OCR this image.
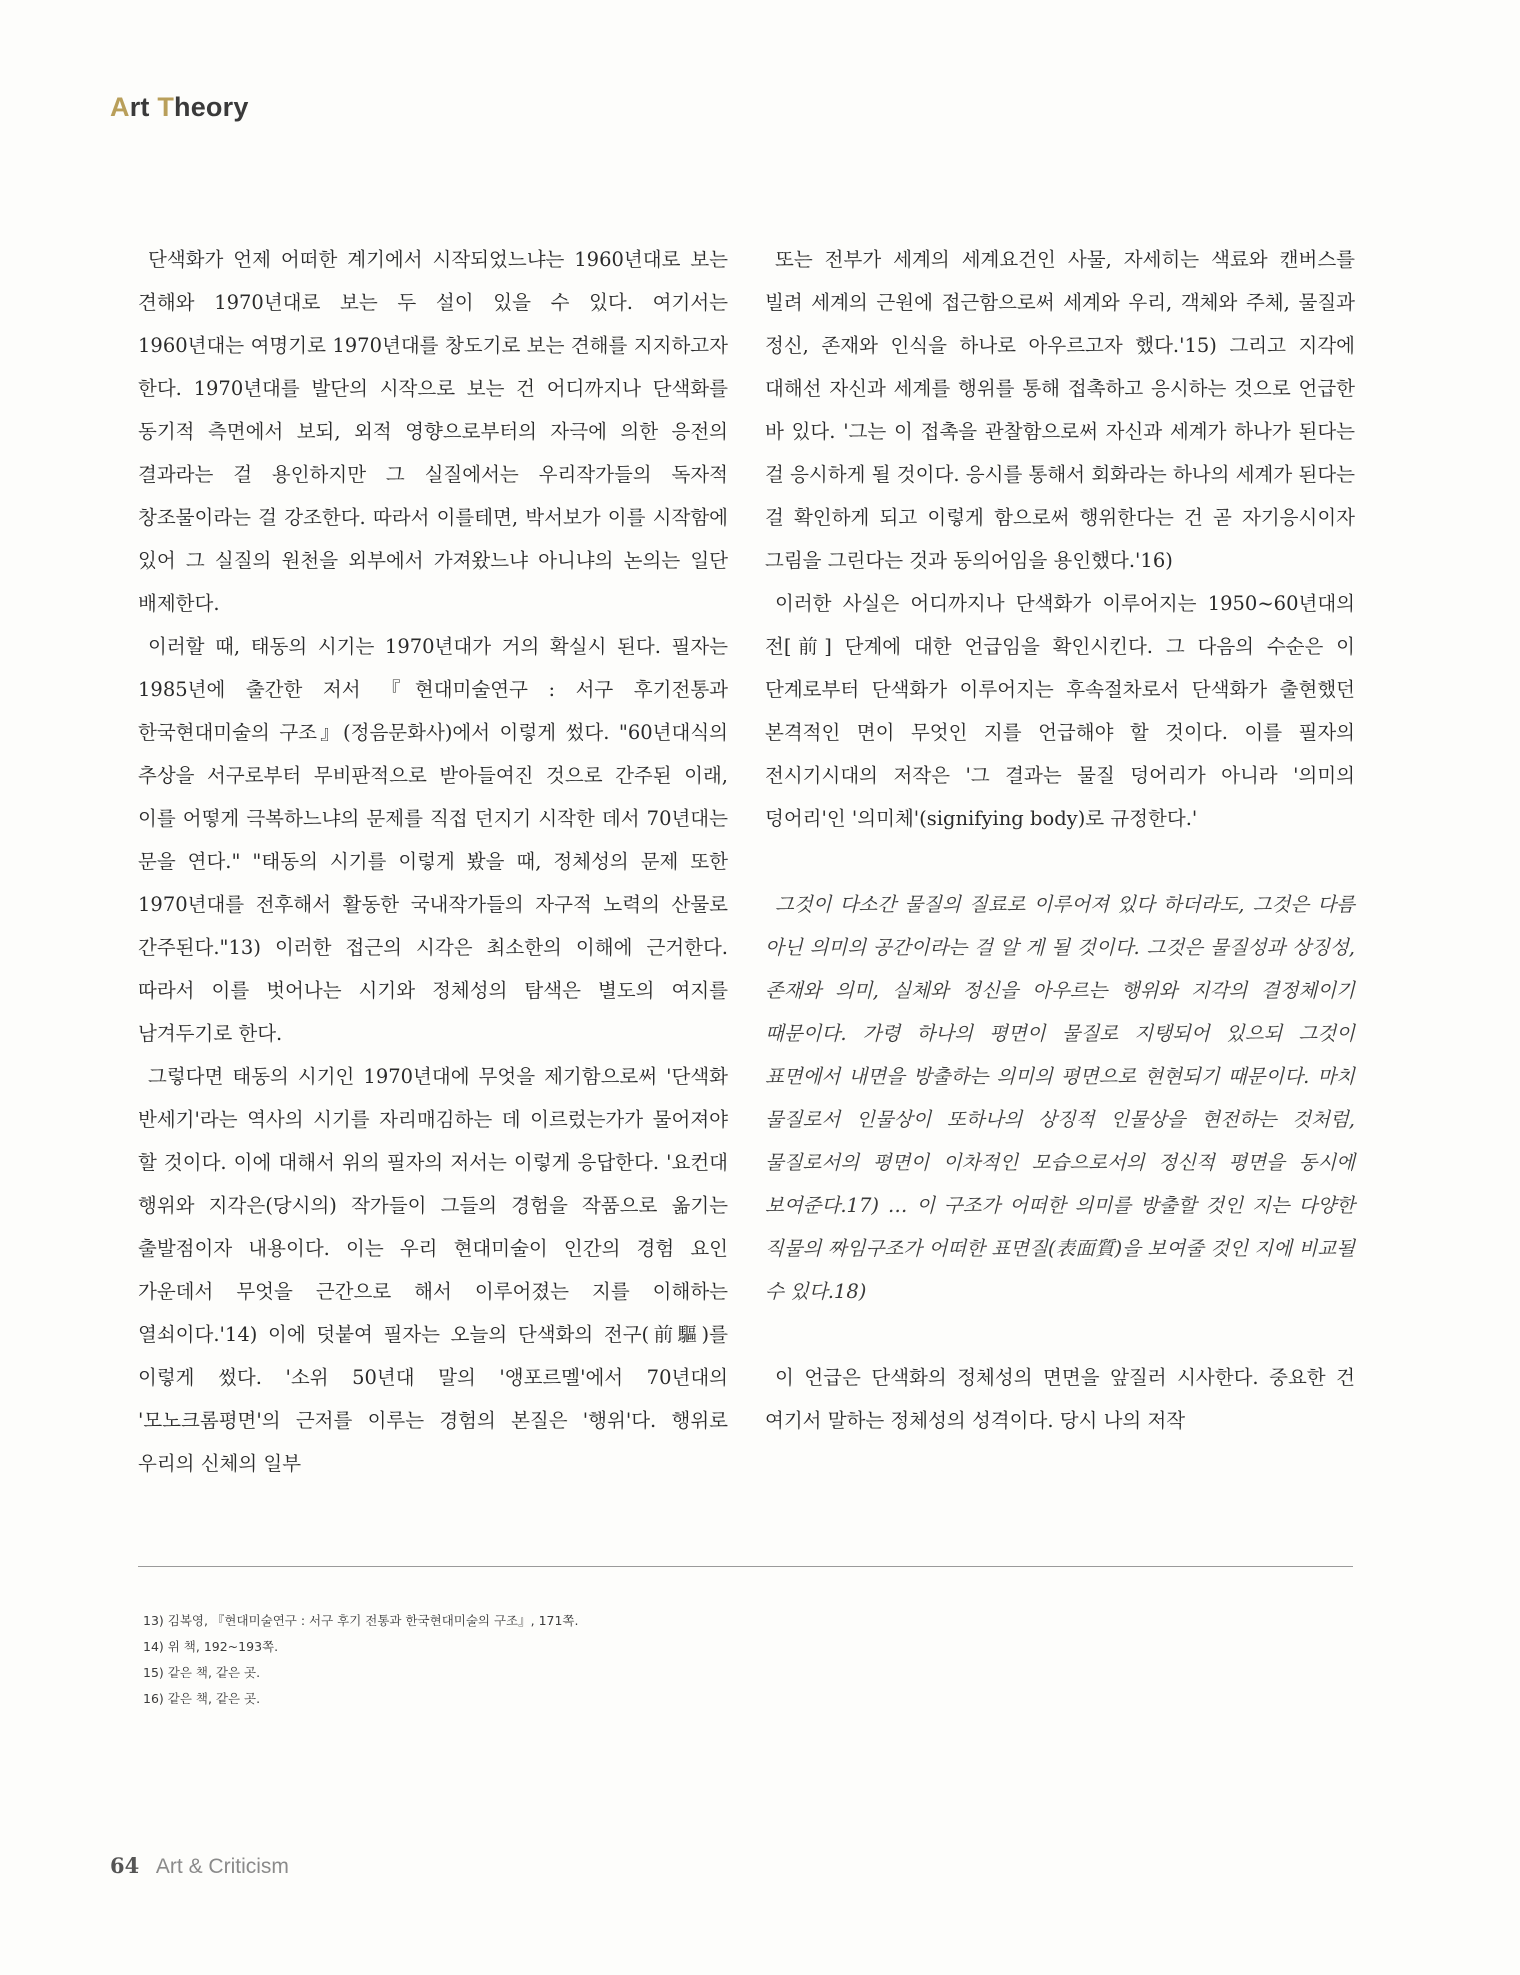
Art Theory

단색화가 언제 어떠한 계기에서 시작되었느냐는 1960년대로 보는 견해와 1970년대로 보는 두 설이 있을 수 있다. 여기서는 1960년대는 여명기로 1970년대를 창도기로 보는 견해를 지지하고자 한다. 1970년대를 발단의 시작으로 보는 건 어디까지나 단색화를 동기적 측면에서 보되, 외적 영향으로부터의 자극에 의한 응전의 결과라는 걸 용인하지만 그 실질에서는 우리작가들의 독자적 창조물이라는 걸 강조한다. 따라서 이를테면, 박서보가 이를 시작함에 있어 그 실질의 원천을 외부에서 가져왔느냐 아니냐의 논의는 일단 배제한다.

이러할 때, 태동의 시기는 1970년대가 거의 확실시 된다. 필자는 1985년에 출간한 저서 『현대미술연구 : 서구 후기전통과 한국현대미술의 구조』(정음문화사)에서 이렇게 썼다. "60년대식의 추상을 서구로부터 무비판적으로 받아들여진 것으로 간주된 이래, 이를 어떻게 극복하느냐의 문제를 직접 던지기 시작한 데서 70년대는 문을 연다." "태동의 시기를 이렇게 봤을 때, 정체성의 문제 또한 1970년대를 전후해서 활동한 국내작가들의 자구적 노력의 산물로 간주된다."13) 이러한 접근의 시각은 최소한의 이해에 근거한다. 따라서 이를 벗어나는 시기와 정체성의 탐색은 별도의 여지를 남겨두기로 한다.

그렇다면 태동의 시기인 1970년대에 무엇을 제기함으로써 '단색화 반세기'라는 역사의 시기를 자리매김하는 데 이르렀는가가 물어져야 할 것이다. 이에 대해서 위의 필자의 저서는 이렇게 응답한다. '요컨대 행위와 지각은(당시의) 작가들이 그들의 경험을 작품으로 옮기는 출발점이자 내용이다. 이는 우리 현대미술이 인간의 경험 요인 가운데서 무엇을 근간으로 해서 이루어졌는 지를 이해하는 열쇠이다.'14) 이에 덧붙여 필자는 오늘의 단색화의 전구(前驅)를 이렇게 썼다. '소위 50년대 말의 '앵포르멜'에서 70년대의 '모노크롬평면'의 근저를 이루는 경험의 본질은 '행위'다. 행위로 우리의 신체의 일부

또는 전부가 세계의 세계요건인 사물, 자세히는 색료와 캔버스를 빌려 세계의 근원에 접근함으로써 세계와 우리, 객체와 주체, 물질과 정신, 존재와 인식을 하나로 아우르고자 했다.'15) 그리고 지각에 대해선 자신과 세계를 행위를 통해 접촉하고 응시하는 것으로 언급한 바 있다. '그는 이 접촉을 관찰함으로써 자신과 세계가 하나가 된다는 걸 응시하게 될 것이다. 응시를 통해서 회화라는 하나의 세계가 된다는 걸 확인하게 되고 이렇게 함으로써 행위한다는 건 곧 자기응시이자 그림을 그린다는 것과 동의어임을 용인했다.'16)

이러한 사실은 어디까지나 단색화가 이루어지는 1950~60년대의 전[前] 단계에 대한 언급임을 확인시킨다. 그 다음의 수순은 이 단계로부터 단색화가 이루어지는 후속절차로서 단색화가 출현했던 본격적인 면이 무엇인 지를 언급해야 할 것이다. 이를 필자의 전시기시대의 저작은 '그 결과는 물질 덩어리가 아니라 '의미의 덩어리'인 '의미체'(signifying body)로 규정한다.'

그것이 다소간 물질의 질료로 이루어져 있다 하더라도, 그것은 다름 아닌 의미의 공간이라는 걸 알 게 될 것이다. 그것은 물질성과 상징성, 존재와 의미, 실체와 정신을 아우르는 행위와 지각의 결정체이기 때문이다. 가령 하나의 평면이 물질로 지탱되어 있으되 그것이 표면에서 내면을 방출하는 의미의 평면으로 현현되기 때문이다. 마치 물질로서 인물상이 또하나의 상징적 인물상을 현전하는 것처럼, 물질로서의 평면이 이차적인 모습으로서의 정신적 평면을 동시에 보여준다.17) … 이 구조가 어떠한 의미를 방출할 것인 지는 다양한 직물의 짜임구조가 어떠한 표면질(表面質)을 보여줄 것인 지에 비교될 수 있다.18)

이 언급은 단색화의 정체성의 면면을 앞질러 시사한다. 중요한 건 여기서 말하는 정체성의 성격이다. 당시 나의 저작

13) 김복영, 『현대미술연구 : 서구 후기 전통과 한국현대미술의 구조』, 171쪽.

14) 위 책, 192~193쪽.

15) 같은 책, 같은 곳.

16) 같은 책, 같은 곳.

64 Art & Criticism
